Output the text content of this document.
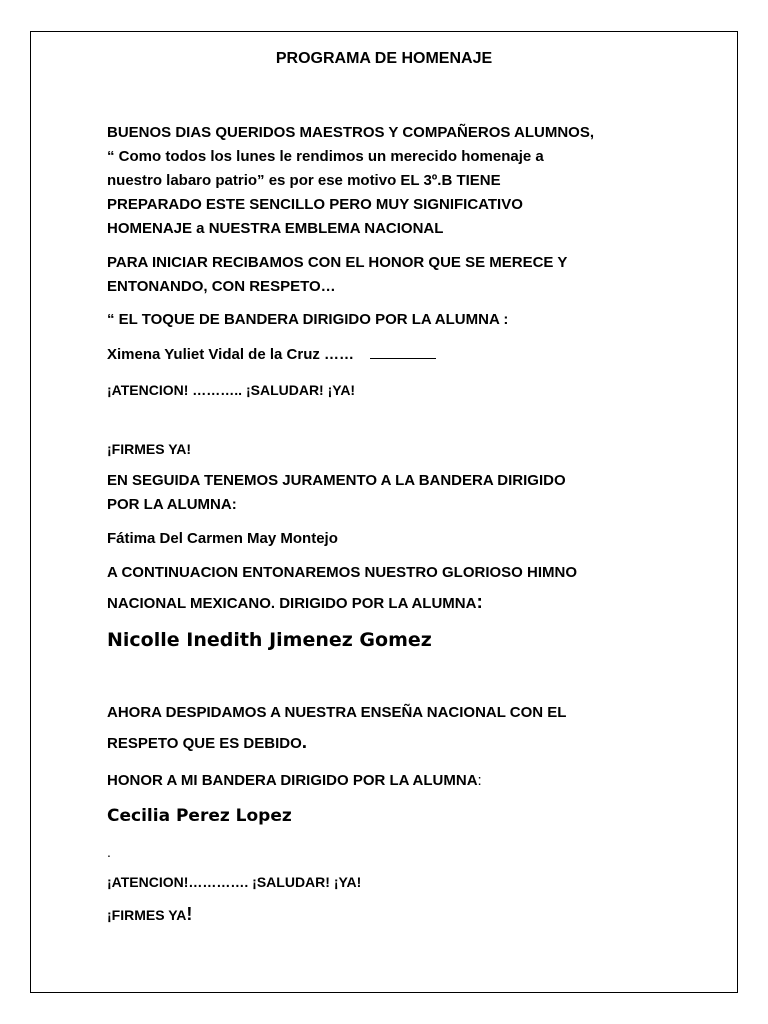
PROGRAMA DE HOMENAJE
BUENOS DIAS QUERIDOS MAESTROS Y COMPAÑEROS ALUMNOS,
“ Como todos los lunes le rendimos un merecido homenaje a
nuestro labaro patrio” es por ese motivo EL 3º.B TIENE
PREPARADO ESTE SENCILLO PERO MUY SIGNIFICATIVO
HOMENAJE a NUESTRA EMBLEMA NACIONAL
PARA INICIAR RECIBAMOS CON EL HONOR QUE SE MERECE Y
ENTONANDO, CON RESPETO…
“ EL TOQUE DE BANDERA DIRIGIDO POR LA ALUMNA :
Ximena Yuliet Vidal de la Cruz ……
¡ATENCION! ……….. ¡SALUDAR! ¡YA!
¡FIRMES YA!
EN SEGUIDA TENEMOS JURAMENTO A LA BANDERA DIRIGIDO
POR LA ALUMNA:
Fátima Del Carmen May Montejo
A CONTINUACION ENTONAREMOS NUESTRO GLORIOSO HIMNO
NACIONAL MEXICANO. DIRIGIDO POR LA ALUMNA:
Nicolle Inedith Jimenez Gomez
AHORA DESPIDAMOS A NUESTRA ENSEÑA NACIONAL CON EL
RESPETO QUE ES DEBIDO.
HONOR A MI BANDERA DIRIGIDO POR LA ALUMNA:
Cecilia Perez Lopez
.
¡ATENCION!…………. ¡SALUDAR! ¡YA!
¡FIRMES YA!
